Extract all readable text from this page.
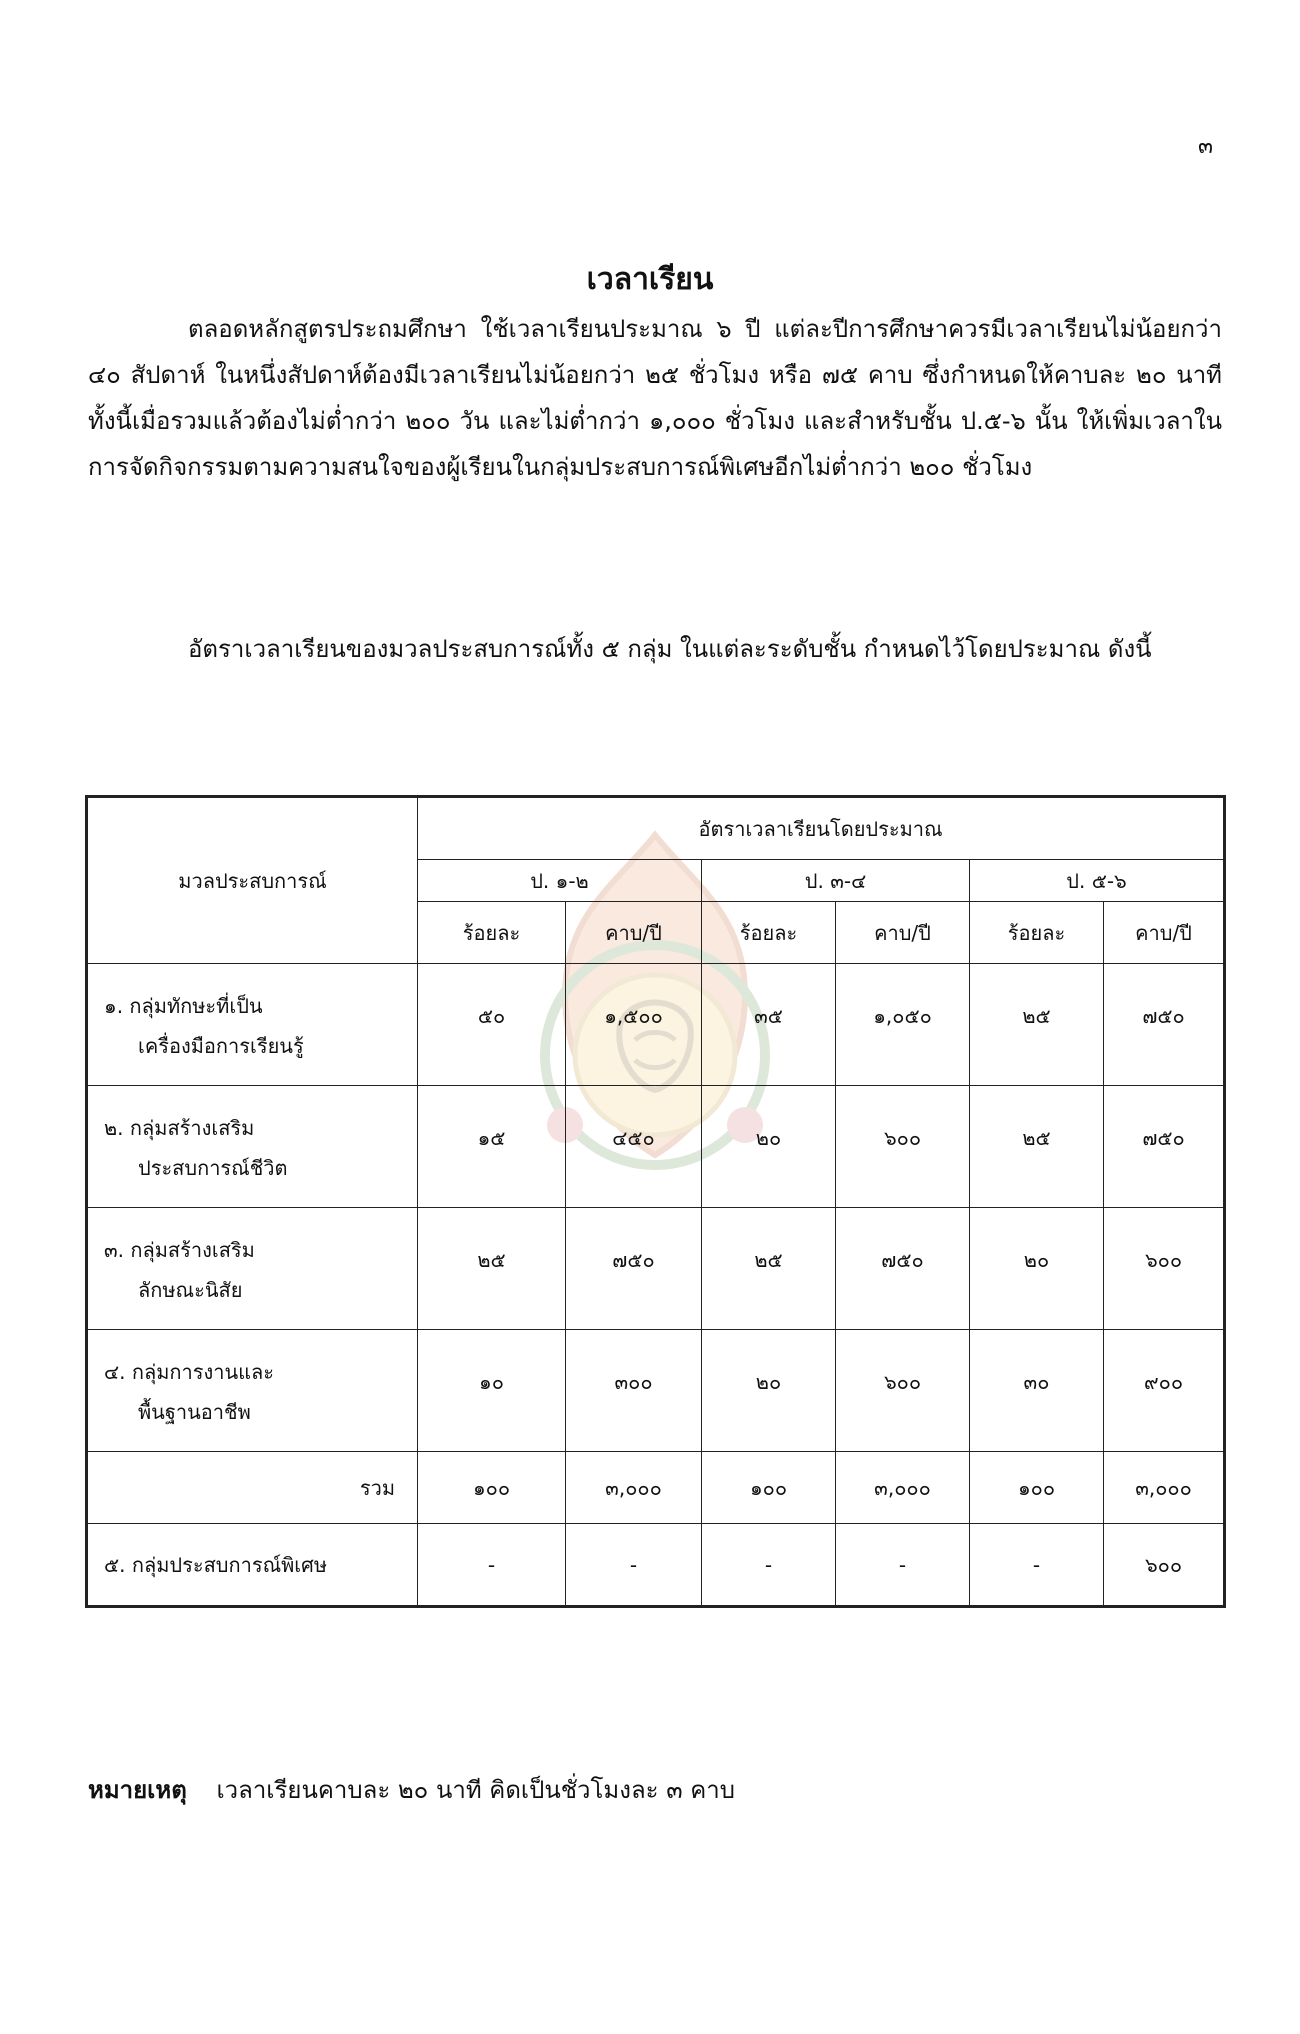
๓
เวลาเรียน

ตลอดหลักสูตรประถมศึกษา ใช้เวลาเรียนประมาณ ๖ ปี แต่ละปีการศึกษาควรมีเวลาเรียนไม่น้อยกว่า ๔๐ สัปดาห์ ในหนึ่งสัปดาห์ต้องมีเวลาเรียนไม่น้อยกว่า ๒๕ ชั่วโมง หรือ ๗๕ คาบ ซึ่งกำหนดให้คาบละ ๒๐ นาที ทั้งนี้เมื่อรวมแล้วต้องไม่ต่ำกว่า ๒๐๐ วัน และไม่ต่ำกว่า ๑,๐๐๐ ชั่วโมง และสำหรับชั้น ป.๕-๖ นั้น ให้เพิ่มเวลาในการจัดกิจกรรมตามความสนใจของผู้เรียนในกลุ่มประสบการณ์พิเศษอีกไม่ต่ำกว่า ๒๐๐ ชั่วโมง

อัตราเวลาเรียนของมวลประสบการณ์ทั้ง ๕ กลุ่ม ในแต่ละระดับชั้น กำหนดไว้โดยประมาณ ดังนี้

มวลประสบการณ์	อัตราเวลาเรียนโดยประมาณ					
	ป. ๑-๒		ป. ๓-๔		ป. ๕-๖	
	ร้อยละ	คาบ/ปี	ร้อยละ	คาบ/ปี	ร้อยละ	คาบ/ปี
๑. กลุ่มทักษะที่เป็น
เครื่องมือการเรียนรู้	๕๐	๑,๕๐๐	๓๕	๑,๐๕๐	๒๕	๗๕๐
๒. กลุ่มสร้างเสริม
ประสบการณ์ชีวิต	๑๕	๔๕๐	๒๐	๖๐๐	๒๕	๗๕๐
๓. กลุ่มสร้างเสริม
ลักษณะนิสัย	๒๕	๗๕๐	๒๕	๗๕๐	๒๐	๖๐๐
๔. กลุ่มการงานและ
พื้นฐานอาชีพ	๑๐	๓๐๐	๒๐	๖๐๐	๓๐	๙๐๐
รวม	๑๐๐	๓,๐๐๐	๑๐๐	๓,๐๐๐	๑๐๐	๓,๐๐๐
๕. กลุ่มประสบการณ์พิเศษ	-	-	-	-	-	๖๐๐
หมายเหตุ เวลาเรียนคาบละ ๒๐ นาที คิดเป็นชั่วโมงละ ๓ คาบ
